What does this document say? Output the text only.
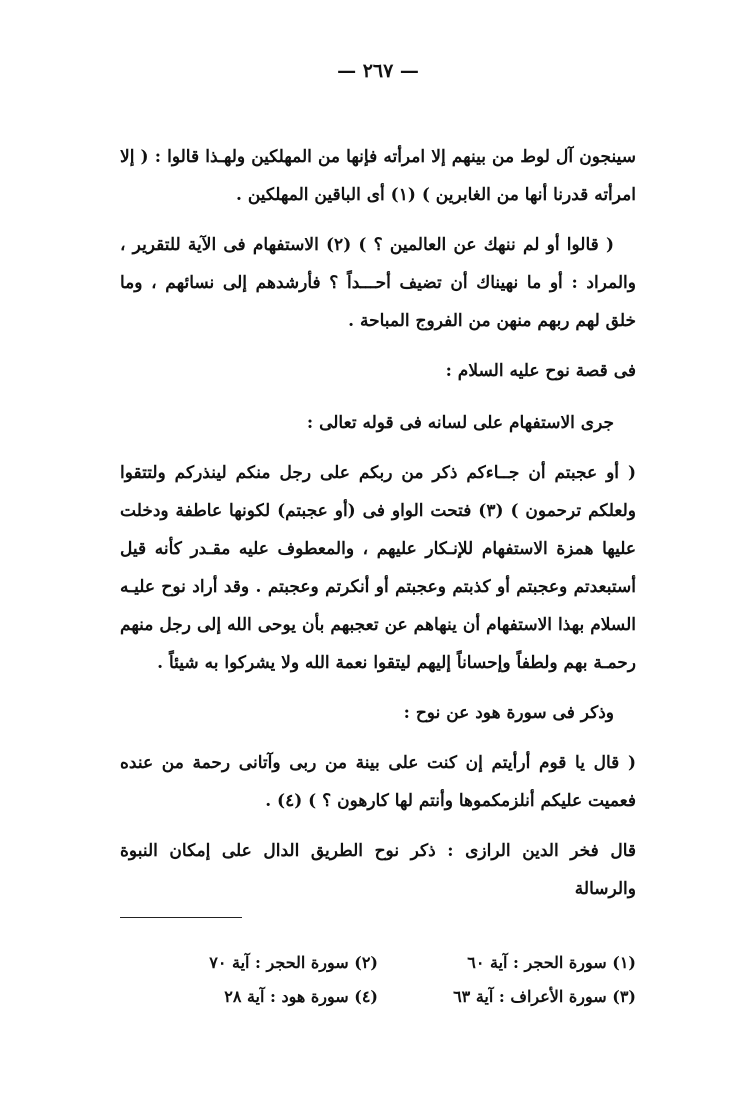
— ٢٦٧ —

سينجون آل لوط من بينهم إلا امرأته فإنها من المهلكين ولهـذا قالوا : ( إلا امرأته قدرنا أنها من الغابرين ) (١) أى الباقين المهلكين .

( قالوا أو لم ننهك عن العالمين ؟ ) (٢) الاستفهام فى الآية للتقرير ، والمراد : أو ما نهيناك أن تضيف أحـــداً ؟ فأرشدهم إلى نسائهم ، وما خلق لهم ربهم منهن من الفروج المباحة .

فى قصة نوح عليه السلام :

جرى الاستفهام على لسانه فى قوله تعالى :

( أو عجبتم أن جــاءكم ذكر من ربكم على رجل منكم لينذركم ولتتقوا ولعلكم ترحمون ) (٣) فتحت الواو فى (أو عجبتم) لكونها عاطفة ودخلت عليها همزة الاستفهام للإنـكار عليهم ، والمعطوف عليه مقـدر كأنه قيل أستبعدتم وعجبتم أو كذبتم وعجبتم أو أنكرتم وعجبتم . وقد أراد نوح عليـه السلام بهذا الاستفهام أن ينهاهم عن تعجبهم بأن يوحى الله إلى رجل منهم رحمـة بهم ولطفاً وإحساناً إليهم ليتقوا نعمة الله ولا يشركوا به شيئاً .

وذكر فى سورة هود عن نوح :

( قال يا قوم أرأيتم إن كنت على بينة من ربى وآتانى رحمة من عنده فعميت عليكم أنلزمكموها وأنتم لها كارهون ؟ ) (٤) .

قال فخر الدين الرازى : ذكر نوح الطريق الدال على إمكان النبوة والرسالة

(١) سورة الحجر : آية ٦٠
(٢) سورة الحجر : آية ٧٠
(٣) سورة الأعراف : آية ٦٣
(٤) سورة هود : آية ٢٨
